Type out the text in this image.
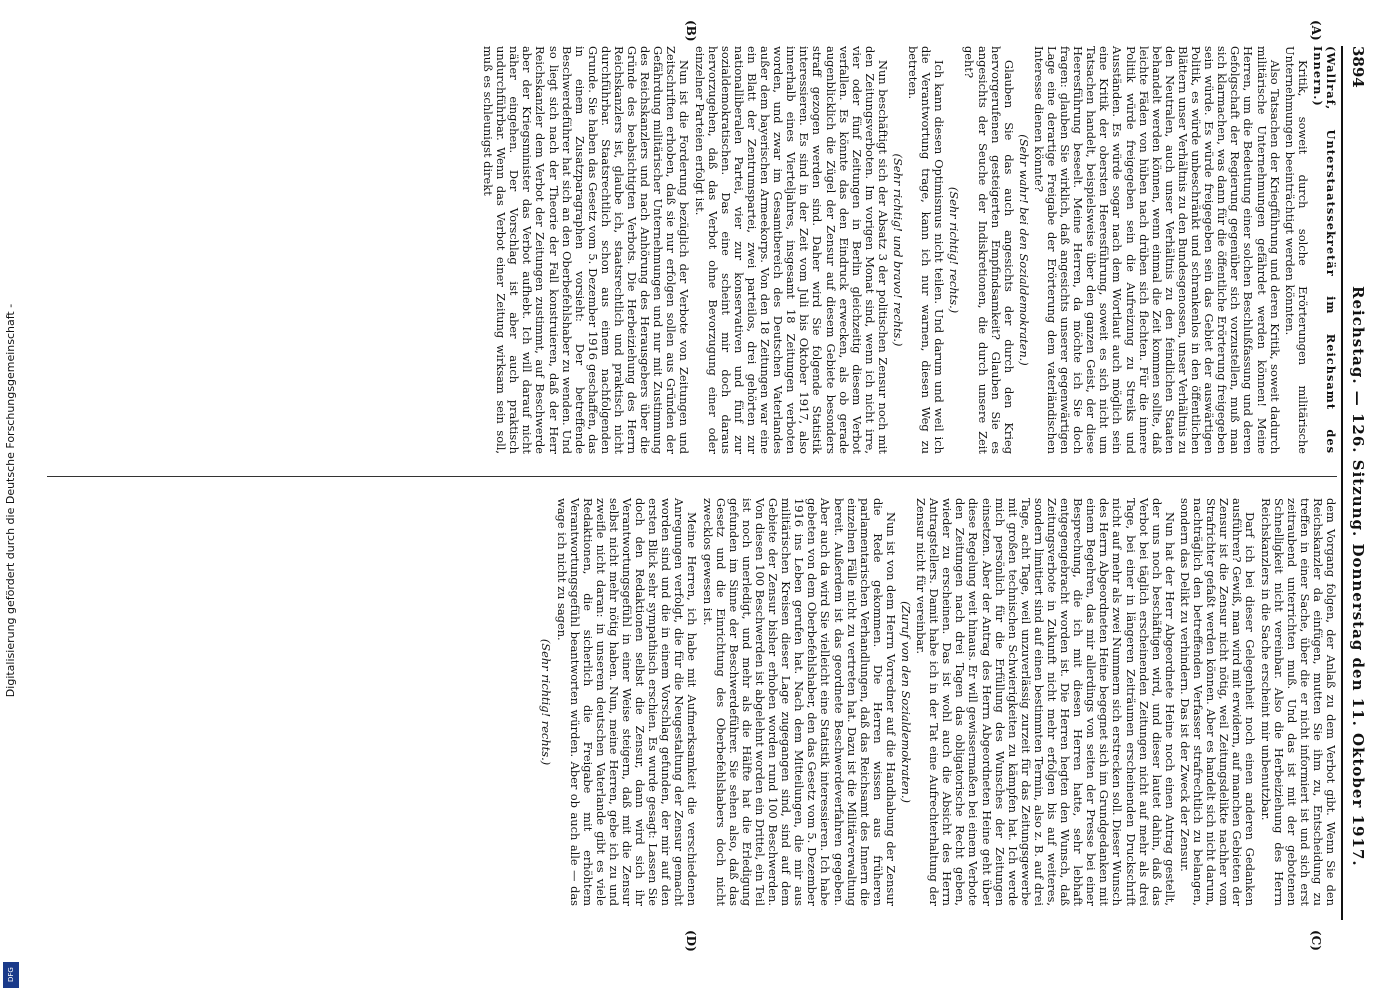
3894
Reichstag. — 126. Sitzung. Donnerstag den 11. Oktober 1917.
(A)
(B)
(C)
(D)

(Wallraf, Unterstaatssekretär im Reichsamt des Innern.)

Kritik, soweit durch solche Erörterungen militärische Unternehmungen beeinträchtigt werden könnten.

Also Tatsachen der Kriegführung und deren Kritik, soweit dadurch militärische Unternehmungen gefährdet werden können! Meine Herren, um die Bedeutung einer solchen Beschlußfassung und deren Gefolgschaft der Regierung gegenüber sich vorzustellen, muß man sich klarmachen, was dann für die öffentliche Erörterung freigegeben sein würde. Es würde freigegeben sein das Gebiet der auswärtigen Politik, es würde unbeschränkt und schrankenlos in den öffentlichen Blättern unser Verhältnis zu den Bundesgenossen, unser Verhältnis zu den Neutralen, auch unser Verhältnis zu den feindlichen Staaten behandelt werden können, wenn einmal die Zeit kommen sollte, daß leichte Fäden von hüben nach drüben sich flechten. Für die innere Politik würde freigegeben sein die Aufreizung zu Streiks und Ausständen. Es würde sogar nach dem Wortlaut auch möglich sein eine Kritik der obersten Heeresführung, soweit es sich nicht um Tatsachen handelt, beispielsweise über den ganzen Geist, der diese Heeresführung beseelt. Meine Herren, da möchte ich Sie doch fragen: glauben Sie wirklich, daß angesichts unserer gegenwärtigen Lage eine derartige Freigabe der Erörterung dem vaterländischen Interesse dienen könnte?

(Sehr wahr! bei den Sozialdemokraten.)

Glauben Sie das auch angesichts der durch den Krieg hervorgerufenen gesteigerten Empfindsamkeit? Glauben Sie es angesichts der Seuche der Indiskretionen, die durch unsere Zeit geht?

(Sehr richtig! rechts.)

Ich kann diesen Optimismus nicht teilen. Und darum und weil ich die Verantwortung trage, kann ich nur warnen, diesen Weg zu betreten.

(Sehr richtig! und bravo! rechts.)

Nun beschäftigt sich der Absatz 3 der politischen Zensur noch mit den Zeitungsverboten. Im vorigen Monat sind, wenn ich nicht irre, vier oder fünf Zeitungen in Berlin gleichzeitig diesem Verbot verfallen. Es könnte das den Eindruck erwecken, als ob gerade augenblicklich die Zügel der Zensur auf diesem Gebiete besonders straff gezogen werden sind. Daher wird Sie folgende Statistik interessieren. Es sind in der Zeit vom Juli bis Oktober 1917, also innerhalb eines Vierteljahres, insgesamt 18 Zeitungen verboten worden, und zwar im Gesamtbereich des Deutschen Vaterlandes außer dem bayerischen Armeekorps. Von den 18 Zeitungen war eine ein Blatt der Zentrumspartei, zwei parteilos, drei gehörten zur nationalliberalen Partei, vier zur konservativen und fünf zur sozialdemokratischen. Das eine scheint mir doch daraus hervorzugehen, daß das Verbot ohne Bevorzugung einer oder einzelner Parteien erfolgt ist.

Nun ist die Forderung bezüglich der Verbote von Zeitungen und Zeitschriften erhoben, daß sie nur erfolgen sollen aus Gründen der Gefährdung militärischer Unternehmungen und nur mit Zustimmung des Reichskanzlers und nach Anhörung des Herausgebers über die Gründe des beabsichtigten Verbots. Die Herbeiziehung des Herrn Reichskanzlers ist, glaube ich, staatsrechtlich und praktisch nicht durchführbar. Staatsrechtlich schon aus einem nachfolgenden Grunde. Sie haben das Gesetz vom 5. Dezember 1916 geschaffen, das in einem Zusatzparagraphen vorsieht: Der betreffende Beschwerdeführer hat sich an den Oberbefehlshaber zu wenden. Und so liegt sich nach der Theorie der Fall konstruieren, daß der Herr Reichskanzler dem Verbot der Zeitungen zustimmt, auf Beschwerde aber der Kriegsminister das Verbot aufhebt. Ich will darauf nicht näher eingehen. Der Vorschlag ist aber auch praktisch undurchführbar. Wenn das Verbot einer Zeitung wirksam sein soll, muß es schleunigst direkt

dem Vorgang folgen, der Anlaß zu dem Verbot gibt. Wenn Sie den Reichskanzler da einfügen, mutten Sie ihm zu, Entscheidung zu treffen in einer Sache, über die er nicht informiert ist und sich erst zeitraubend unterrichten muß. Und das ist mit der gebotenen Schnelligkeit nicht vereinbar. Also die Herbeiziehung des Herrn Reichskanzlers in die Sache erscheint mir unbenutzbar.

Darf ich bei dieser Gelegenheit noch einen anderen Gedanken ausführen? Gewiß, man wird mit erwidern, auf manchen Gebieten der Zensur ist die Zensur nicht nötig, weil Zeitungsdelikte nachher vom Strafrichter gefaßt werden können. Aber es handelt sich nicht darum, nachträglich den betreffenden Verfasser strafrechtlich zu belangen, sondern das Delikt zu verhindern. Das ist der Zweck der Zensur.

Nun hat der Herr Abgeordnete Heine noch einen Antrag gestellt, der uns noch beschäftigen wird, und dieser lautet dahin, daß das Verbot bei täglich erscheinenden Zeitungen nicht auf mehr als drei Tage, bei einer in längeren Zeiträumen erscheinenden Druckschrift nicht auf mehr als zwei Nummern sich erstrecken soll. Dieser Wunsch des Herrn Abgeordneten Heine begegnet sich im Grundgedanken mit einem Begehren, das mir allerdings von seiten der Presse bei einer Besprechung, die ich mit diesen Herren hatte, sehr lebhaft entgegengebracht worden ist. Die Herren hegten den Wunsch, daß Zeitungsverbote in Zukunft nicht mehr erfolgen bis auf weiteres, sondern limitiert sind auf einen bestimmten Termin, also z. B. auf drei Tage, acht Tage, weil unzuverlässig zurzeit für das Zeitungsgewerbe mit großen technischen Schwierigkeiten zu kämpfen hat. Ich werde mich persönlich für die Erfüllung des Wunsches der Zeitungen einsetzen. Aber der Antrag des Herrn Abgeordneten Heine geht über diese Regelung weit hinaus. Er will gewissermaßen bei einem Verbote den Zeitungen nach drei Tagen das obligatorische Recht geben, wieder zu erscheinen. Das ist wohl auch die Absicht des Herrn Antragstellers. Damit habe ich in der Tat eine Aufrechterhaltung der Zensur nicht für vereinbar.

(Zuruf von den Sozialdemokraten.)

Nun ist von dem Herrn Vorredner auf die Handhabung der Zensur die Rede gekommen. Die Herren wissen aus früheren parlamentarischen Verhandlungen, daß das Reichsamt des Innern die einzelnen Fälle nicht zu vertreten hat. Dazu ist die Militärverwaltung bereit. Außerdem ist das geordnete Beschwerdeverfahren gegeben. Aber auch da wird Sie vielleicht eine Statistik interessieren. Ich habe gebeten von dem Oberbefehlshaber, den das Gesetz vom 5. Dezember 1916 ins Leben gerufen hat. Nach dem Mitteilungen, die mir aus militärischen Kreisen dieser Lage zugegangen sind, sind auf dem Gebiete der Zensur bisher erhoben worden rund 100 Beschwerden. Von diesen 100 Beschwerden ist abgelehnt worden ein Drittel, ein Teil ist noch unerledigt, und mehr als die Hälfte hat die Erledigung gefunden im Sinne der Beschwerdeführer. Sie sehen also, daß das Gesetz und die Einrichtung des Oberbefehlshabers doch nicht zwecklos gewesen ist.

Meine Herren, ich habe mit Aufmerksamkeit die verschiedenen Anregungen verfolgt, die für die Neugestaltung der Zensur gemacht worden sind und die in einem Vorschlag gefunden, der mir auf den ersten Blick sehr sympathisch erschien. Es wurde gesagt: Lassen Sie doch den Redaktionen selbst die Zensur, dann wird sich ihr Verantwortungsgefühl in einer Weise steigern, daß mit die Zensur selbst nicht mehr nötig haben. Nun, meine Herren, gebe ich zu und zweifle nicht daran: in unserem deutschen Vaterlande gibt es viele Redaktionen, die sicherlich die Freigabe mit erhöhtem Verantwortungsgefühl beantworten würden. Aber ob auch alle — das wage ich nicht zu sagen.

(Sehr richtig! rechts.)

Digitalisierung gefördert durch die Deutsche Forschungsgemeinschaft -
DFG
